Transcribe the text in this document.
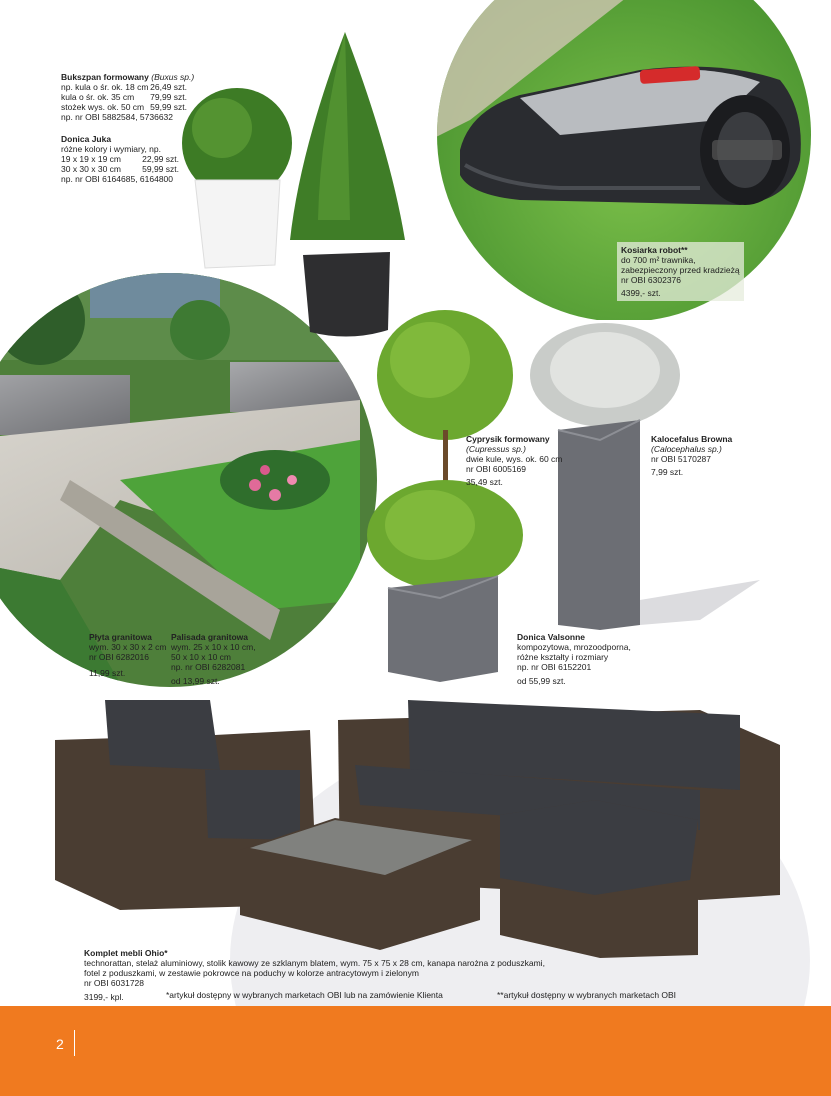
Bukszpan formowany (Buxus sp.)
np. kula o śr. ok. 18 cm 26,49 szt.
kula o śr. ok. 35 cm 79,99 szt.
stożek wys. ok. 50 cm 59,99 szt.
np. nr OBI 5882584, 5736632
Donica Juka
różne kolory i wymiary, np.
19 x 19 x 19 cm 22,99 szt.
30 x 30 x 30 cm 59,99 szt.
np. nr OBI 6164685, 6164800
Kosiarka robot**
do 700 m² trawnika,
zabezpieczony przed kradzieżą
nr OBI 6302376
4399,- szt.
Cyprysik formowany
(Cupressus sp.)
dwie kule, wys. ok. 60 cm
nr OBI 6005169
35,49 szt.
Kalocefalus Browna
(Calocephalus sp.)
nr OBI 5170287
7,99 szt.
Płyta granitowa
wym. 30 x 30 x 2 cm
nr OBI 6282016
11,99 szt.
Palisada granitowa
wym. 25 x 10 x 10 cm,
50 x 10 x 10 cm
np. nr OBI 6282081
od 13,99 szt.
Donica Valsonne
kompozytowa, mrozoodporna,
różne kształty i rozmiary
np. nr OBI 6152201
od 55,99 szt.
Komplet mebli Ohio*
technorattan, stelaż aluminiowy, stolik kawowy ze szklanym blatem, wym. 75 x 75 x 28 cm, kanapa narożna z poduszkami,
fotel z poduszkami, w zestawie pokrowce na poduchy w kolorze antracytowym i zielonym
nr OBI 6031728
3199,- kpl.	*artykuł dostępny w wybranych marketach OBI lub na zamówienie Klienta	**artykuł dostępny w wybranych marketach OBI
2
